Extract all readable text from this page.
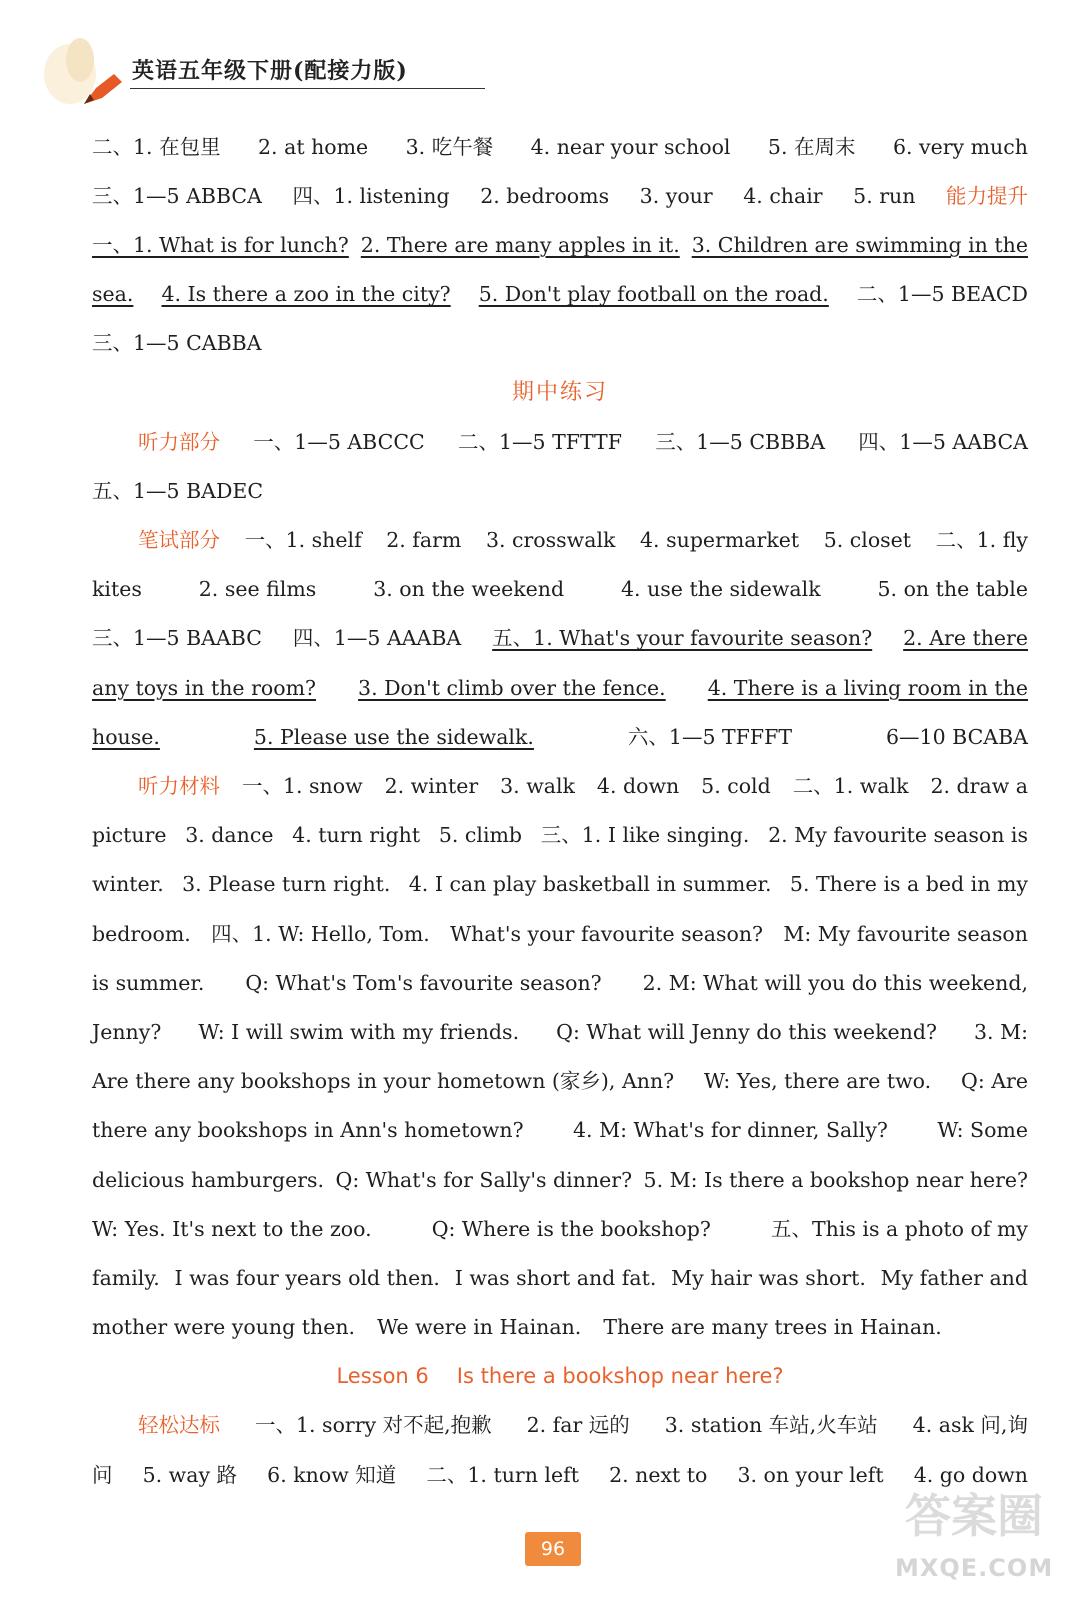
英语五年级下册(配接力版)
二、1. 在包里 2. at home 3. 吃午餐 4. near your school 5. 在周末 6. very much
三、1—5 ABBCA 四、1. listening 2. bedrooms 3. your 4. chair 5. run 能力提升
一、1. What is for lunch? 2. There are many apples in it. 3. Children are swimming in the
sea. 4. Is there a zoo in the city? 5. Don't play football on the road. 二、1—5 BEACD
三、1—5 CABBA
期中练习
听力部分 一、1—5 ABCCC 二、1—5 TFTTF 三、1—5 CBBBA 四、1—5 AABCA
五、1—5 BADEC
笔试部分 一、1. shelf 2. farm 3. crosswalk 4. supermarket 5. closet 二、1. fly
kites	2. see films	3. on the weekend	4. use the sidewalk	5. on the table
三、1—5 BAABC 四、1—5 AAABA 五、1. What's your favourite season? 2. Are there
any toys in the room? 3. Don't climb over the fence. 4. There is a living room in the
house.	5. Please use the sidewalk.	六、1—5 TFFFT	6—10 BCABA
听力材料 一、1. snow 2. winter 3. walk 4. down 5. cold 二、1. walk 2. draw a
picture 3. dance 4. turn right 5. climb 三、1. I like singing. 2. My favourite season is
winter. 3. Please turn right. 4. I can play basketball in summer. 5. There is a bed in my
bedroom. 四、1. W: Hello, Tom. What's your favourite season? M: My favourite season
is summer. Q: What's Tom's favourite season? 2. M: What will you do this weekend,
Jenny? W: I will swim with my friends. Q: What will Jenny do this weekend? 3. M:
Are there any bookshops in your hometown (家乡), Ann? W: Yes, there are two. Q: Are
there any bookshops in Ann's hometown? 4. M: What's for dinner, Sally? W: Some
delicious hamburgers. Q: What's for Sally's dinner? 5. M: Is there a bookshop near here?
W: Yes. It's next to the zoo.	Q: Where is the bookshop?	五、This is a photo of my
family. I was four years old then. I was short and fat. My hair was short. My father and
mother were young then. We were in Hainan. There are many trees in Hainan.
Lesson 6 Is there a bookshop near here?
轻松达标 一、1. sorry 对不起,抱歉 2. far 远的 3. station 车站,火车站 4. ask 问,询
问 5. way 路 6. know 知道 二、1. turn left 2. next to 3. on your left 4. go down
96
答案圈
MXQE.COM
